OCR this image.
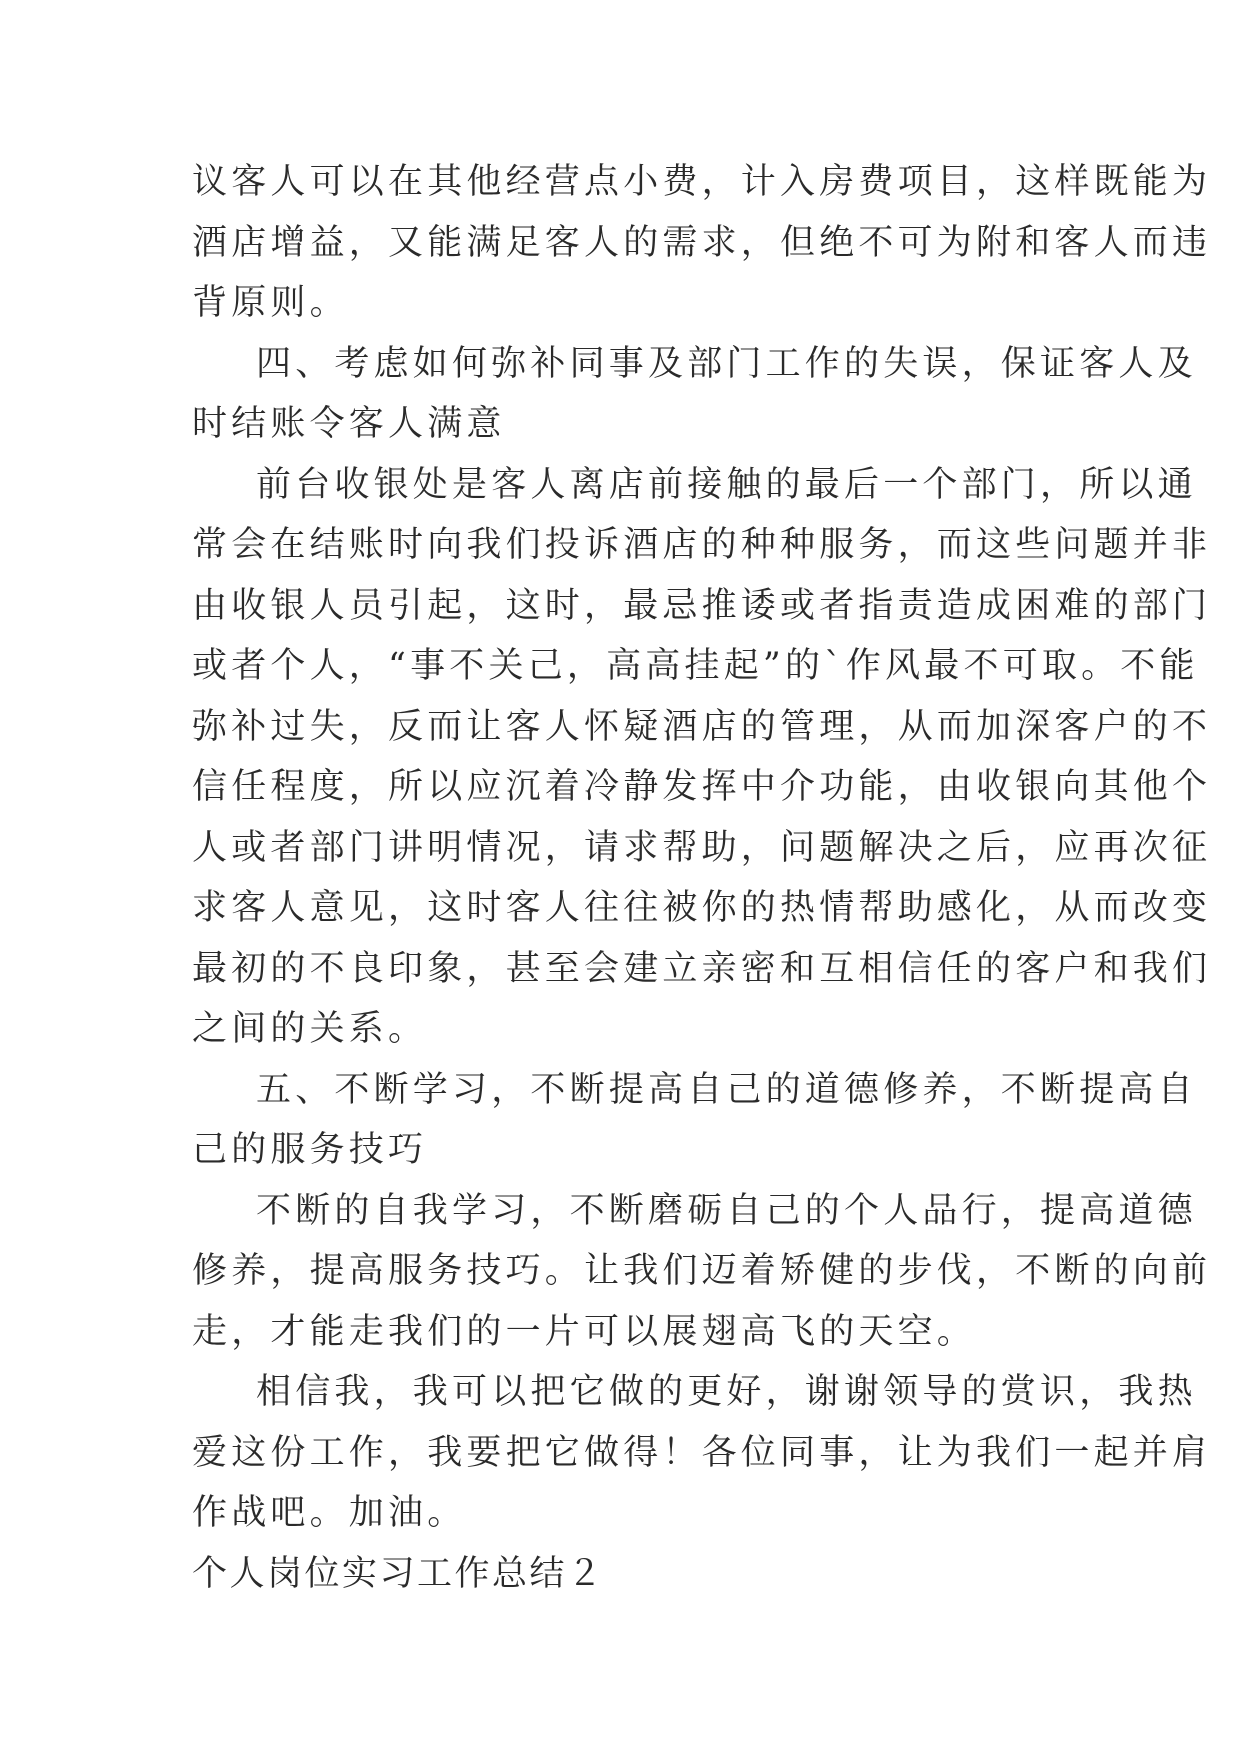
议客人可以在其他经营点小费，计入房费项目，这样既能为
酒店增益，又能满足客人的需求，但绝不可为附和客人而违
背原则。
四、考虑如何弥补同事及部门工作的失误，保证客人及
时结账令客人满意
前台收银处是客人离店前接触的最后一个部门，所以通
常会在结账时向我们投诉酒店的种种服务，而这些问题并非
由收银人员引起，这时，最忌推诿或者指责造成困难的部门
或者个人，“事不关己，高高挂起”的`作风最不可取。不能
弥补过失，反而让客人怀疑酒店的管理，从而加深客户的不
信任程度，所以应沉着冷静发挥中介功能，由收银向其他个
人或者部门讲明情况，请求帮助，问题解决之后，应再次征
求客人意见，这时客人往往被你的热情帮助感化，从而改变
最初的不良印象，甚至会建立亲密和互相信任的客户和我们
之间的关系。
五、不断学习，不断提高自己的道德修养，不断提高自
己的服务技巧
不断的自我学习，不断磨砺自己的个人品行，提高道德
修养，提高服务技巧。让我们迈着矫健的步伐，不断的向前
走，才能走我们的一片可以展翅高飞的天空。
相信我，我可以把它做的更好，谢谢领导的赏识，我热
爱这份工作，我要把它做得！各位同事，让为我们一起并肩
作战吧。加油。
个人岗位实习工作总结２
